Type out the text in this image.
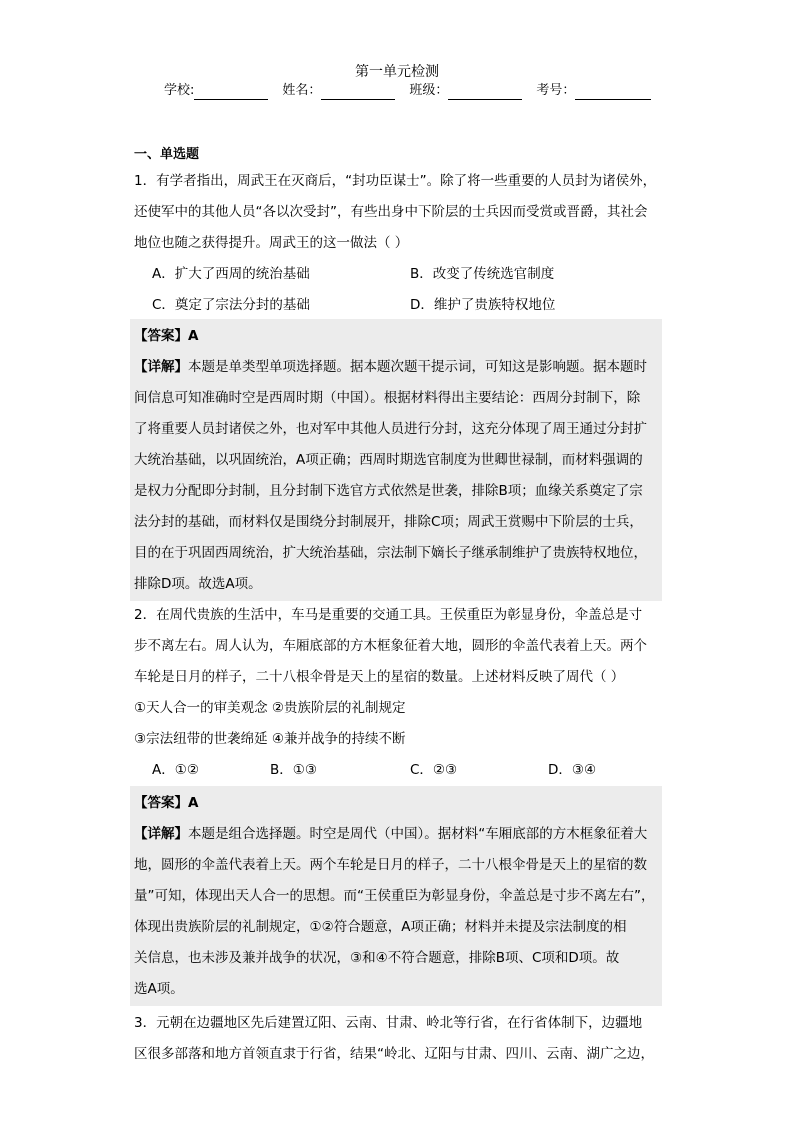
第一单元检测
学校:	姓名：	班级：	考号：
一、单选题
1．有学者指出，周武王在灭商后，“封功臣谋士”。除了将一些重要的人员封为诸侯外，
还使军中的其他人员“各以次受封”，有些出身中下阶层的士兵因而受赏或晋爵，其社会
地位也随之获得提升。周武王的这一做法（ ）
A．扩大了西周的统治基础	B．改变了传统选官制度
C．奠定了宗法分封的基础	D．维护了贵族特权地位
【答案】A
【详解】本题是单类型单项选择题。据本题次题干提示词，可知这是影响题。据本题时
间信息可知准确时空是西周时期（中国）。根据材料得出主要结论：西周分封制下，除
了将重要人员封诸侯之外，也对军中其他人员进行分封，这充分体现了周王通过分封扩
大统治基础，以巩固统治，A项正确；西周时期选官制度为世卿世禄制，而材料强调的
是权力分配即分封制，且分封制下选官方式依然是世袭，排除B项；血缘关系奠定了宗
法分封的基础，而材料仅是围绕分封制展开，排除C项；周武王赏赐中下阶层的士兵，
目的在于巩固西周统治，扩大统治基础，宗法制下嫡长子继承制维护了贵族特权地位，
排除D项。故选A项。
2．在周代贵族的生活中，车马是重要的交通工具。王侯重臣为彰显身份，伞盖总是寸
步不离左右。周人认为，车厢底部的方木框象征着大地，圆形的伞盖代表着上天。两个
车轮是日月的样子，二十八根伞骨是天上的星宿的数量。上述材料反映了周代（ ）
①天人合一的审美观念 ②贵族阶层的礼制规定
③宗法纽带的世袭绵延 ④兼并战争的持续不断
A．①②	B．①③	C．②③	D．③④
【答案】A
【详解】本题是组合选择题。时空是周代（中国）。据材料“车厢底部的方木框象征着大
地，圆形的伞盖代表着上天。两个车轮是日月的样子，二十八根伞骨是天上的星宿的数
量”可知，体现出天人合一的思想。而“王侯重臣为彰显身份，伞盖总是寸步不离左右”，
体现出贵族阶层的礼制规定，①②符合题意，A项正确；材料并未提及宗法制度的相
关信息，也未涉及兼并战争的状况，③和④不符合题意，排除B项、C项和D项。故
选A项。
3．元朝在边疆地区先后建置辽阳、云南、甘肃、岭北等行省，在行省体制下，边疆地
区很多部落和地方首领直隶于行省，结果“岭北、辽阳与甘肃、四川、云南、湖广之边，
